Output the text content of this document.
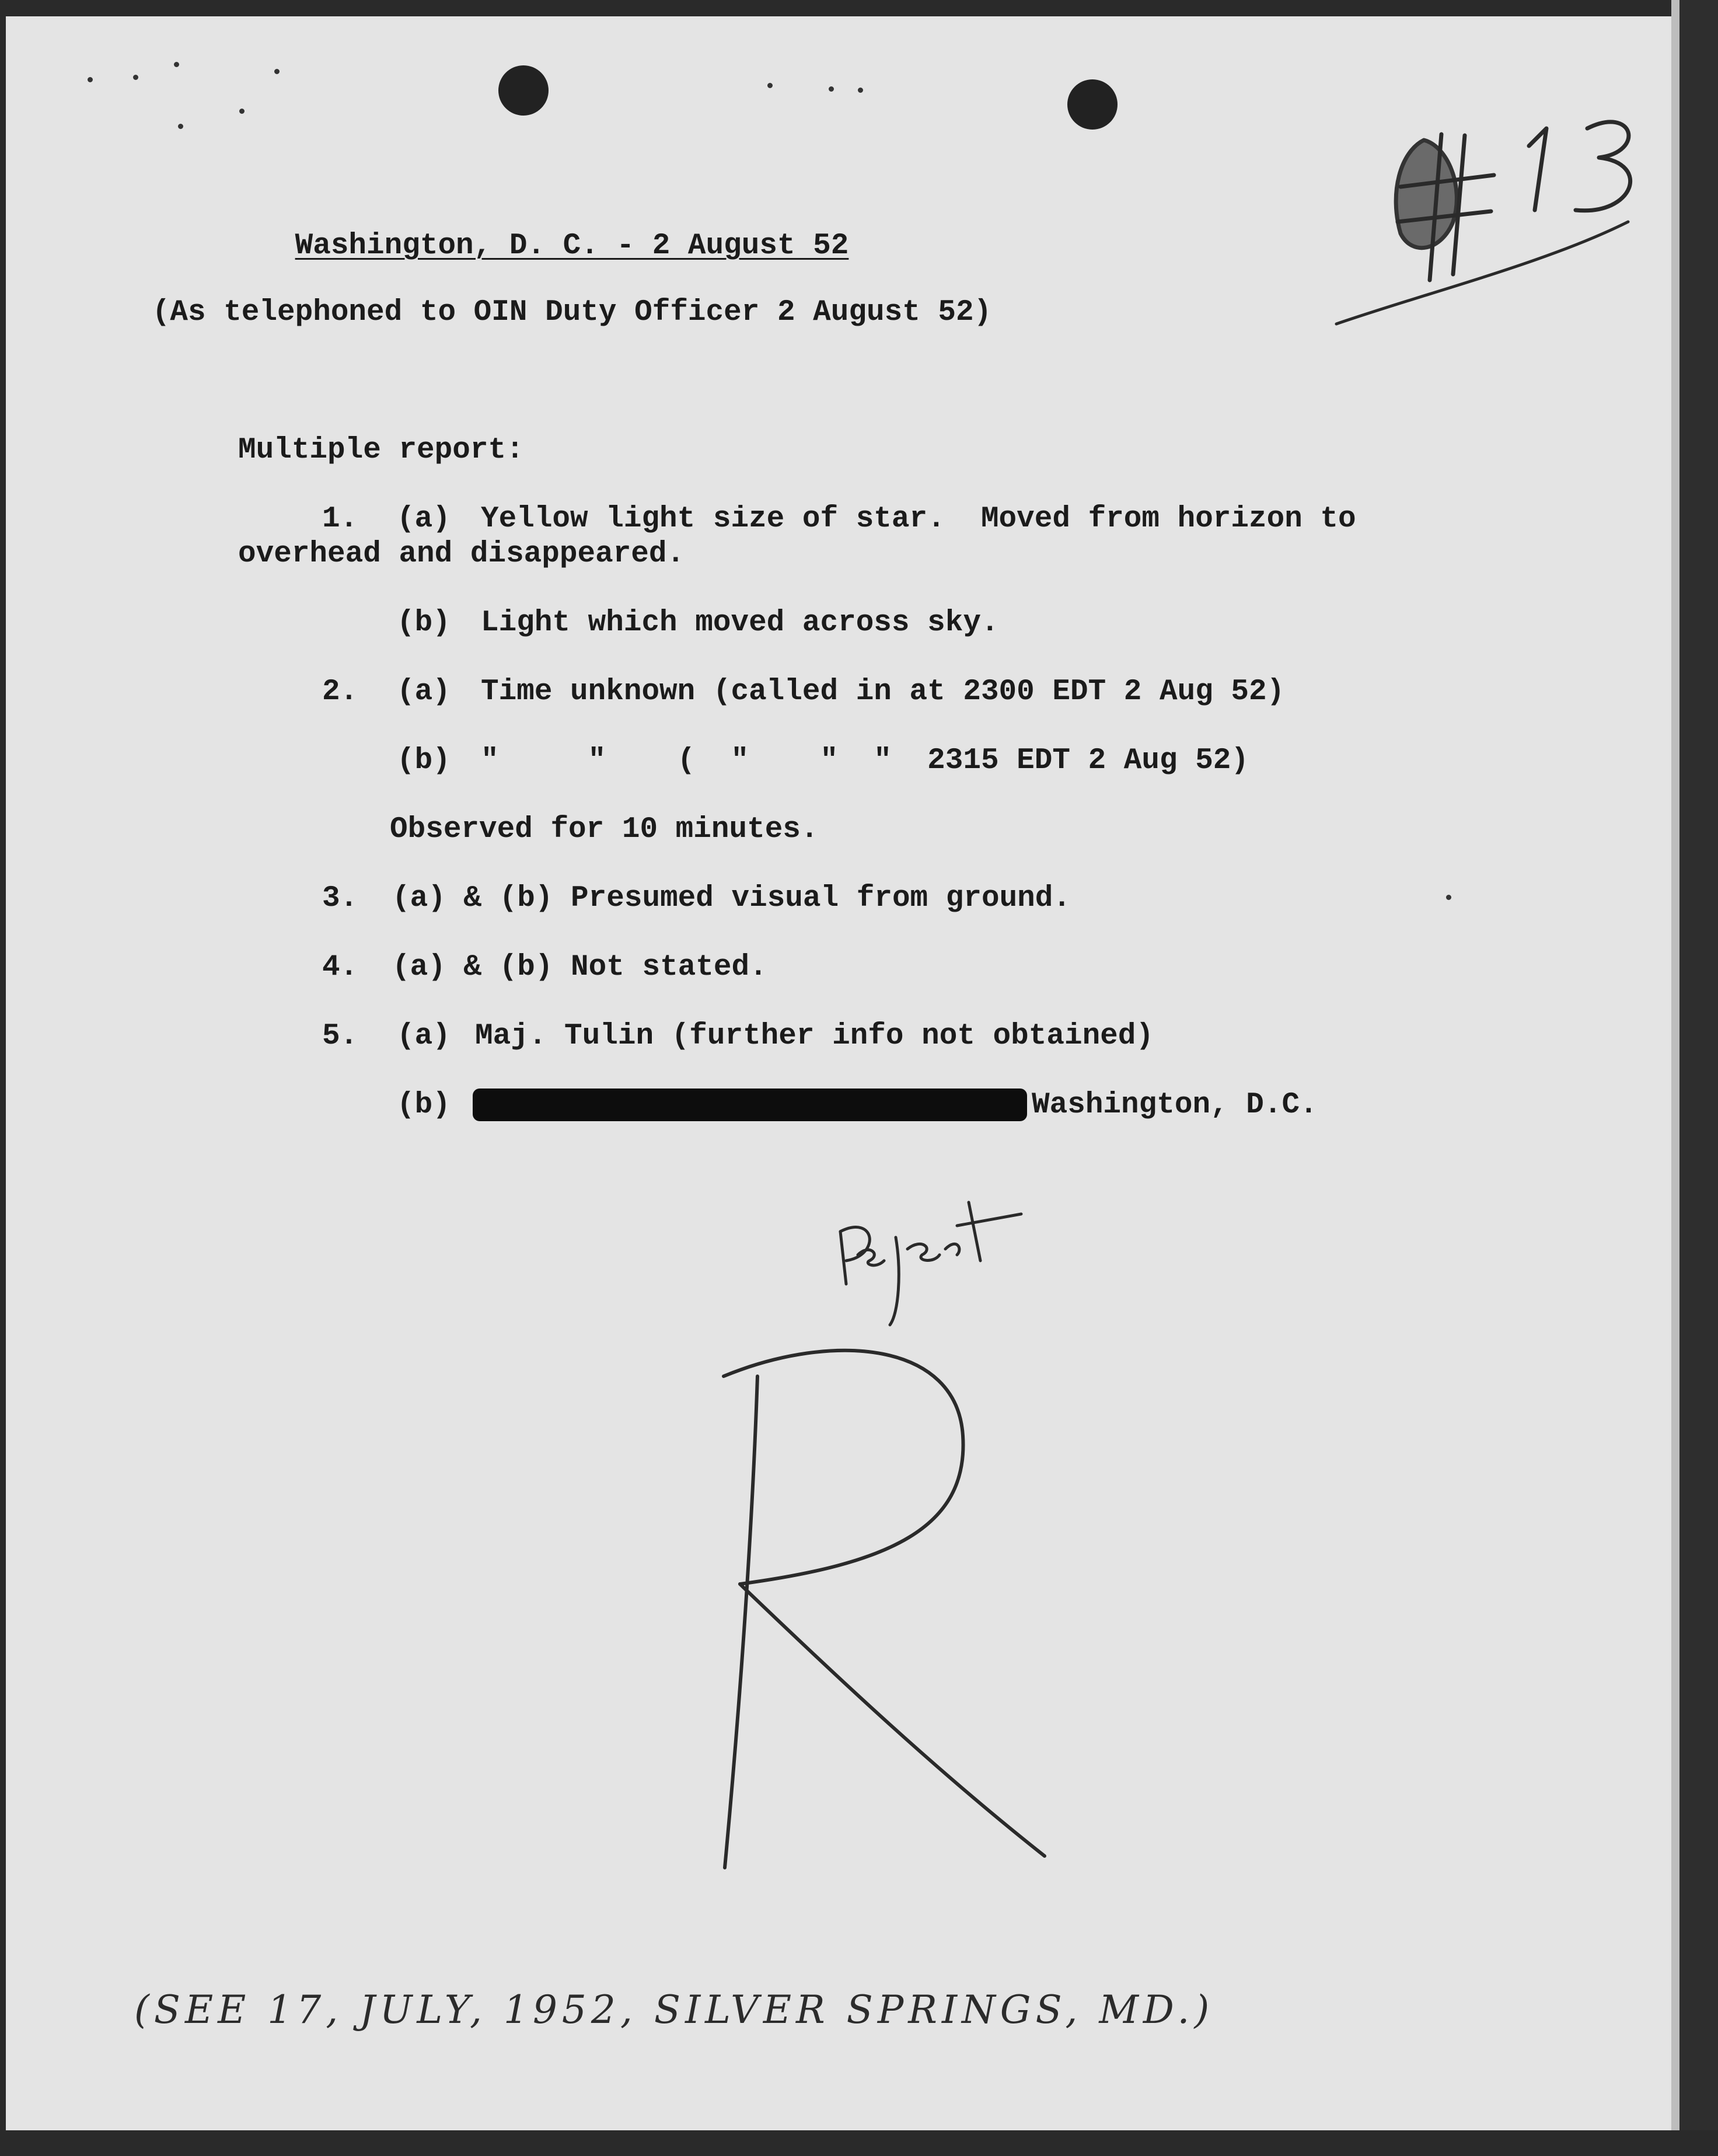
Washington, D. C. - 2 August 52

(As telephoned to OIN Duty Officer 2 August 52)

Multiple report:

1. (a) Yellow light size of star.  Moved from horizon to

overhead and disappeared.

(b) Light which moved across sky.

2. (a) Time unknown (called in at 2300 EDT 2 Aug 52)

(b) "     "    (  "    "  "  2315 EDT 2 Aug 52)

Observed for 10 minutes.

3. (a) & (b) Presumed visual from ground.

4. (a) & (b) Not stated.

5. (a) Maj. Tulin (further info not obtained)

(b)	Washington, D.C.

(SEE 17, JULY, 1952, SILVER SPRINGS, MD.)
